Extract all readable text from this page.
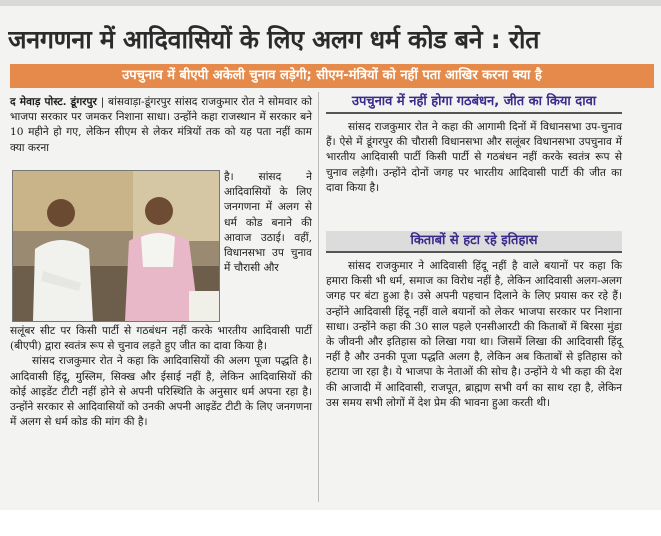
जनगणना में आदिवासियों के लिए अलग धर्म कोड बने : रोत
उपचुनाव में बीएपी अकेली चुनाव लड़ेगी; सीएम-मंत्रियों को नहीं पता आखिर करना क्या है

द मेवाड़ पोस्ट. डूंगरपुर | बांसवाड़ा-डूंगरपुर सांसद राजकुमार रोत ने सोमवार को भाजपा सरकार पर जमकर निशाना साधा। उन्होंने कहा राजस्थान में सरकार बने 10 महीने हो गए, लेकिन सीएम से लेकर मंत्रियों तक को यह पता नहीं काम क्या करना

है। सांसद ने आदिवासियों के लिए जनगणना में अलग से धर्म कोड बनाने की आवाज उठाई। वहीं, विधानसभा उप चुनाव में चौरासी और

सलूंबर सीट पर किसी पार्टी से गठबंधन नहीं करके भारतीय आदिवासी पार्टी (बीएपी) द्वारा स्वतंत्र रूप से चुनाव लड़ते हुए जीत का दावा किया है।

सांसद राजकुमार रोत ने कहा कि आदिवासियों की अलग पूजा पद्धति है। आदिवासी हिंदू, मुस्लिम, सिक्ख और ईसाई नहीं है, लेकिन आदिवासियों की कोई आइडेंट टीटी नहीं होने से अपनी परिस्थिति के अनुसार धर्म अपना रहा है। उन्होंने सरकार से आदिवासियों को उनकी अपनी आइडेंट टीटी के लिए जनगणना में अलग से धर्म कोड की मांग की है।

उपचुनाव में नहीं होगा गठबंधन, जीत का किया दावा
सांसद राजकुमार रोत ने कहा की आगामी दिनों में विधानसभा उप-चुनाव हैं। ऐसे में डूंगरपुर की चौरासी विधानसभा और सलूंबर विधानसभा उपचुनाव में भारतीय आदिवासी पार्टी किसी पार्टी से गठबंधन नहीं करके स्वतंत्र रूप से चुनाव लड़ेगी। उन्होंने दोनों जगह पर भारतीय आदिवासी पार्टी की जीत का दावा किया है।
किताबों से हटा रहे इतिहास
सांसद राजकुमार ने आदिवासी हिंदू नहीं है वाले बयानों पर कहा कि हमारा किसी भी धर्म, समाज का विरोध नहीं है, लेकिन आदिवासी अलग-अलग जगह पर बंटा हुआ है। उसे अपनी पहचान दिलाने के लिए प्रयास कर रहे हैं। उन्होंने आदिवासी हिंदू नहीं वाले बयानों को लेकर भाजपा सरकार पर निशाना साधा। उन्होंने कहा की 30 साल पहले एनसीआरटी की किताबों में बिरसा मुंडा के जीवनी और इतिहास को लिखा गया था। जिसमें लिखा की आदिवासी हिंदू नहीं है और उनकी पूजा पद्धति अलग है, लेकिन अब किताबों से इतिहास को हटाया जा रहा है। ये भाजपा के नेताओं की सोच है। उन्होंने ये भी कहा की देश की आजादी में आदिवासी, राजपूत, ब्राह्मण सभी वर्ग का साथ रहा है, लेकिन उस समय सभी लोगों में देश प्रेम की भावना हुआ करती थी।
